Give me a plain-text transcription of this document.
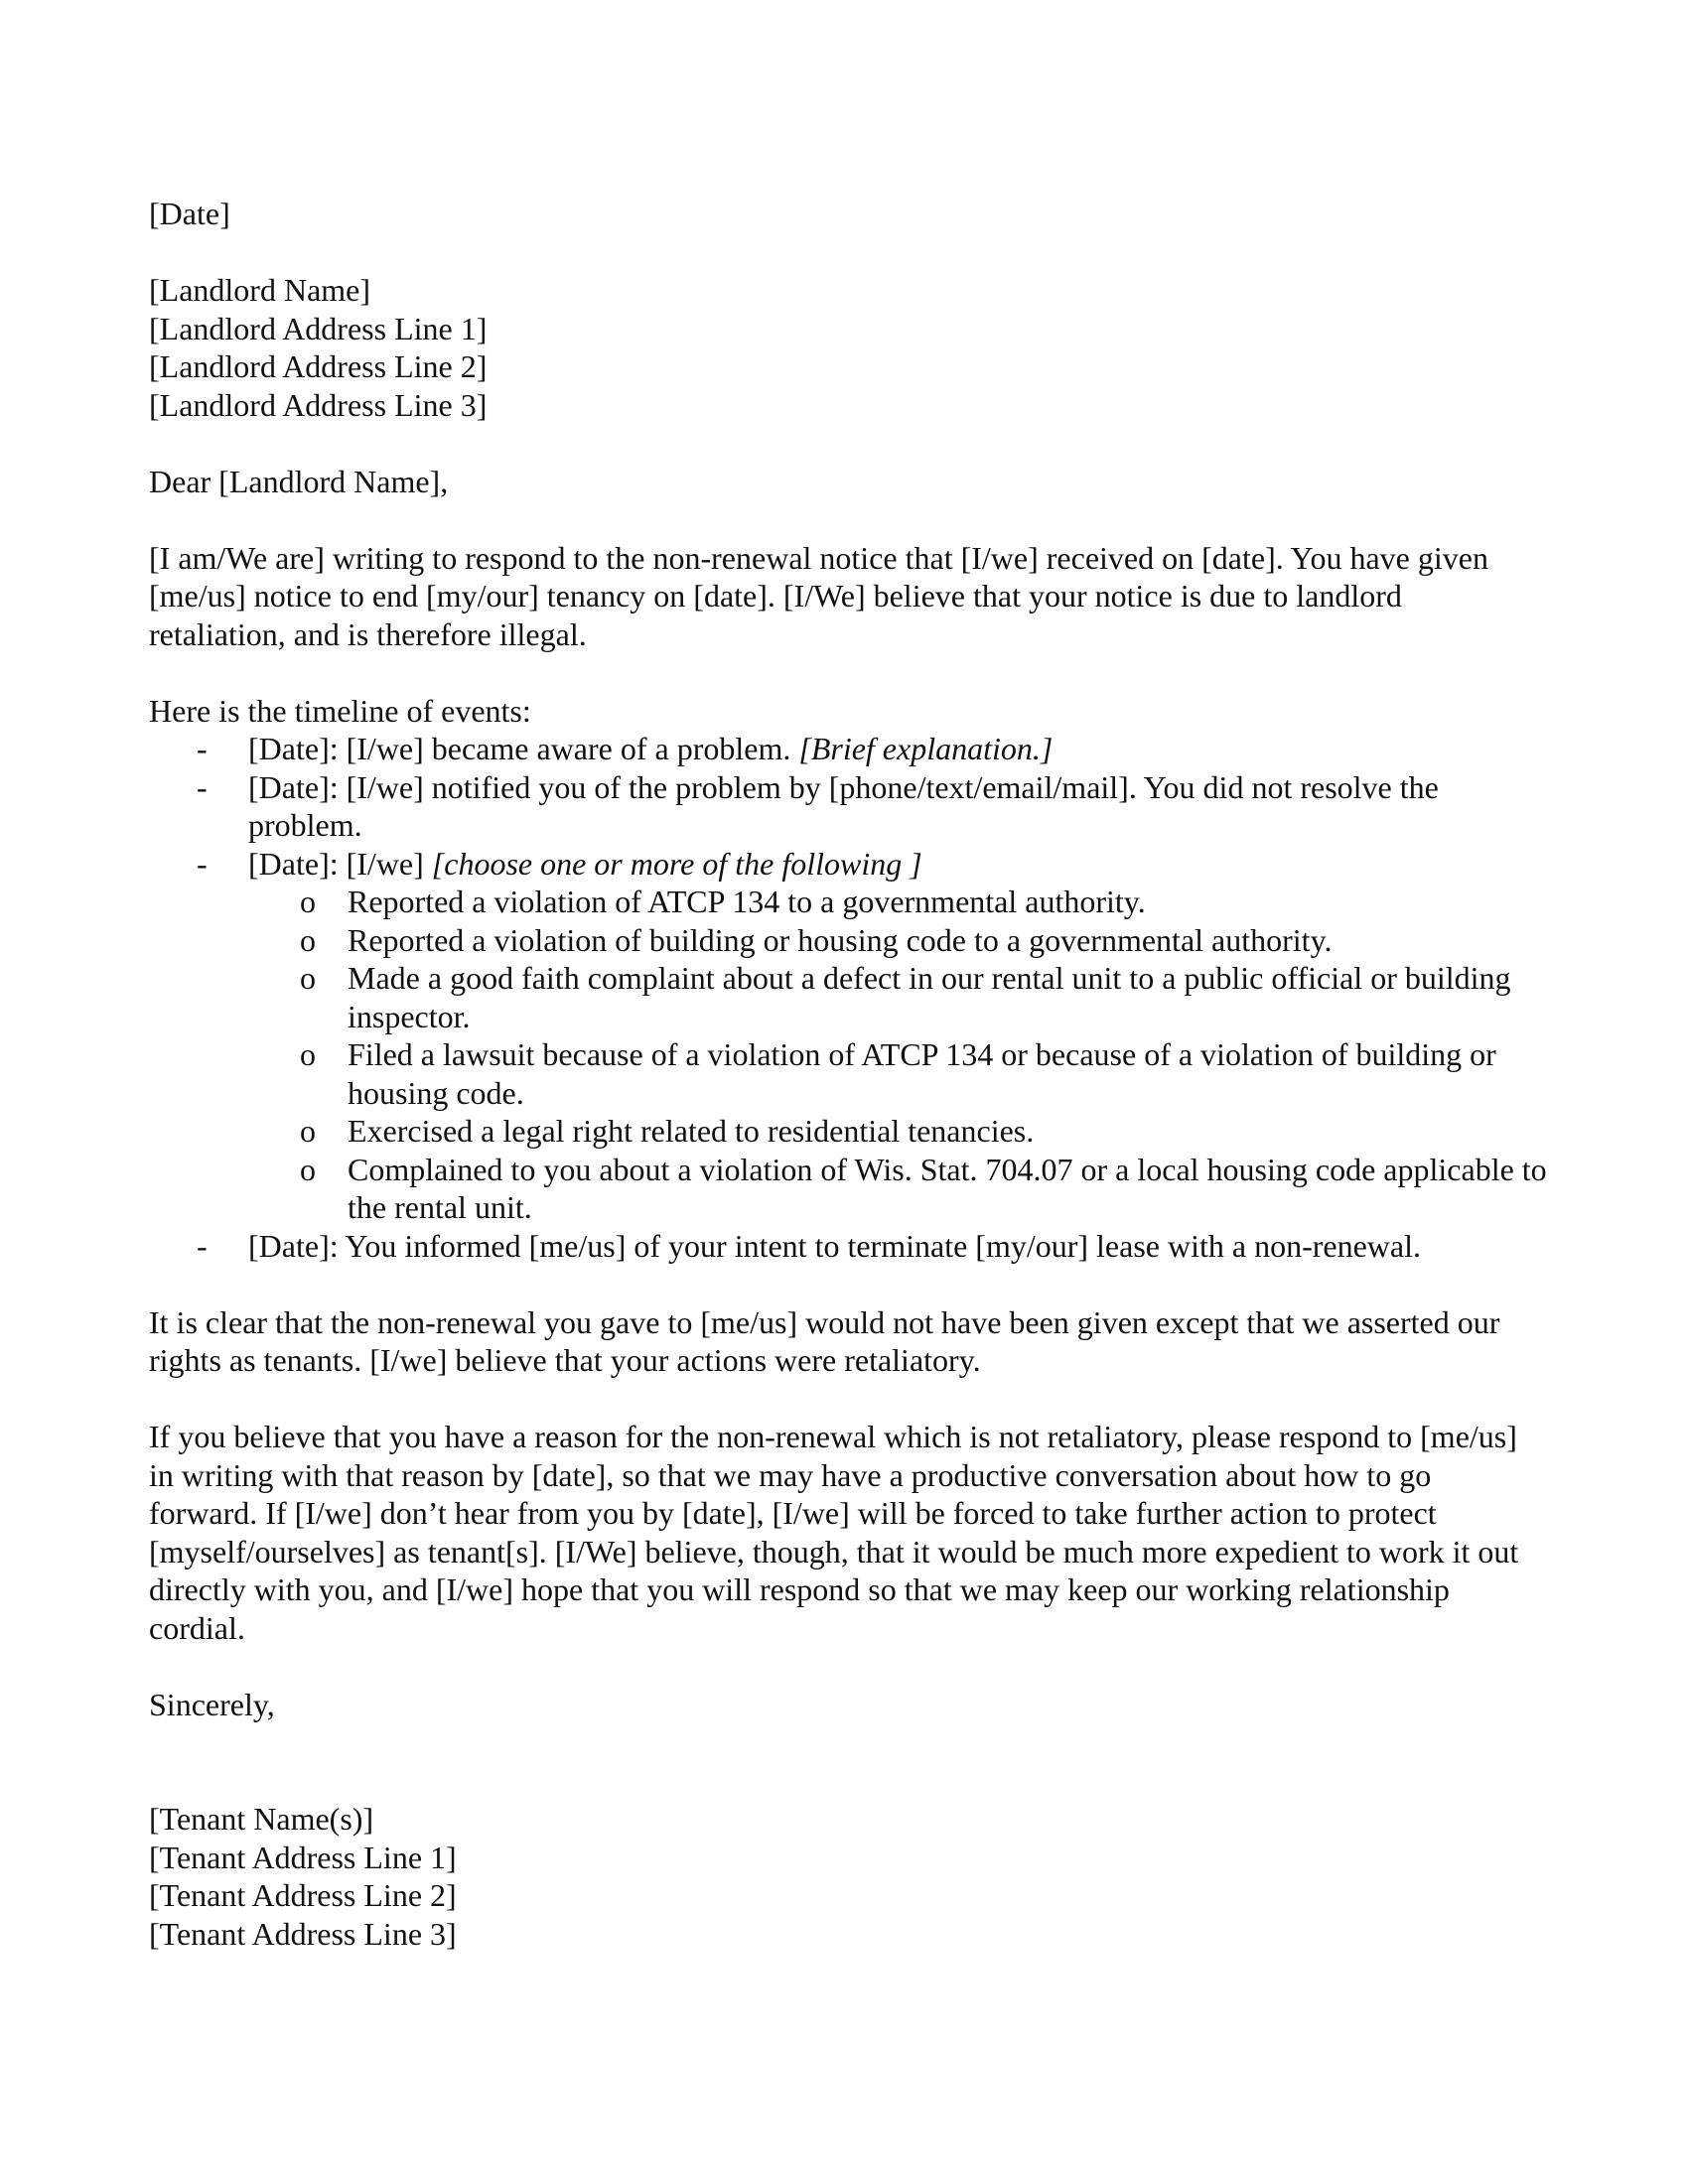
[Date]

[Landlord Name]
[Landlord Address Line 1]
[Landlord Address Line 2]
[Landlord Address Line 3]

Dear [Landlord Name],

[I am/We are] writing to respond to the non-renewal notice that [I/we] received on [date]. You have given [me/us] notice to end [my/our] tenancy on [date]. [I/We] believe that your notice is due to landlord retaliation, and is therefore illegal.

Here is the timeline of events:

- [Date]: [I/we] became aware of a problem. [Brief explanation.]
- [Date]: [I/we] notified you of the problem by [phone/text/email/mail]. You did not resolve the problem.
- [Date]: [I/we] [choose one or more of the following ]
o Reported a violation of ATCP 134 to a governmental authority.
o Reported a violation of building or housing code to a governmental authority.
o Made a good faith complaint about a defect in our rental unit to a public official or building inspector.
o Filed a lawsuit because of a violation of ATCP 134 or because of a violation of building or housing code.
o Exercised a legal right related to residential tenancies.
o Complained to you about a violation of Wis. Stat. 704.07 or a local housing code applicable to the rental unit.
- [Date]: You informed [me/us] of your intent to terminate [my/our] lease with a non-renewal.

It is clear that the non-renewal you gave to [me/us] would not have been given except that we asserted our rights as tenants. [I/we] believe that your actions were retaliatory.

If you believe that you have a reason for the non-renewal which is not retaliatory, please respond to [me/us] in writing with that reason by [date], so that we may have a productive conversation about how to go forward. If [I/we] don’t hear from you by [date], [I/we] will be forced to take further action to protect [myself/ourselves] as tenant[s]. [I/We] believe, though, that it would be much more expedient to work it out directly with you, and [I/we] hope that you will respond so that we may keep our working relationship cordial.

Sincerely,

[Tenant Name(s)]
[Tenant Address Line 1]
[Tenant Address Line 2]
[Tenant Address Line 3]
